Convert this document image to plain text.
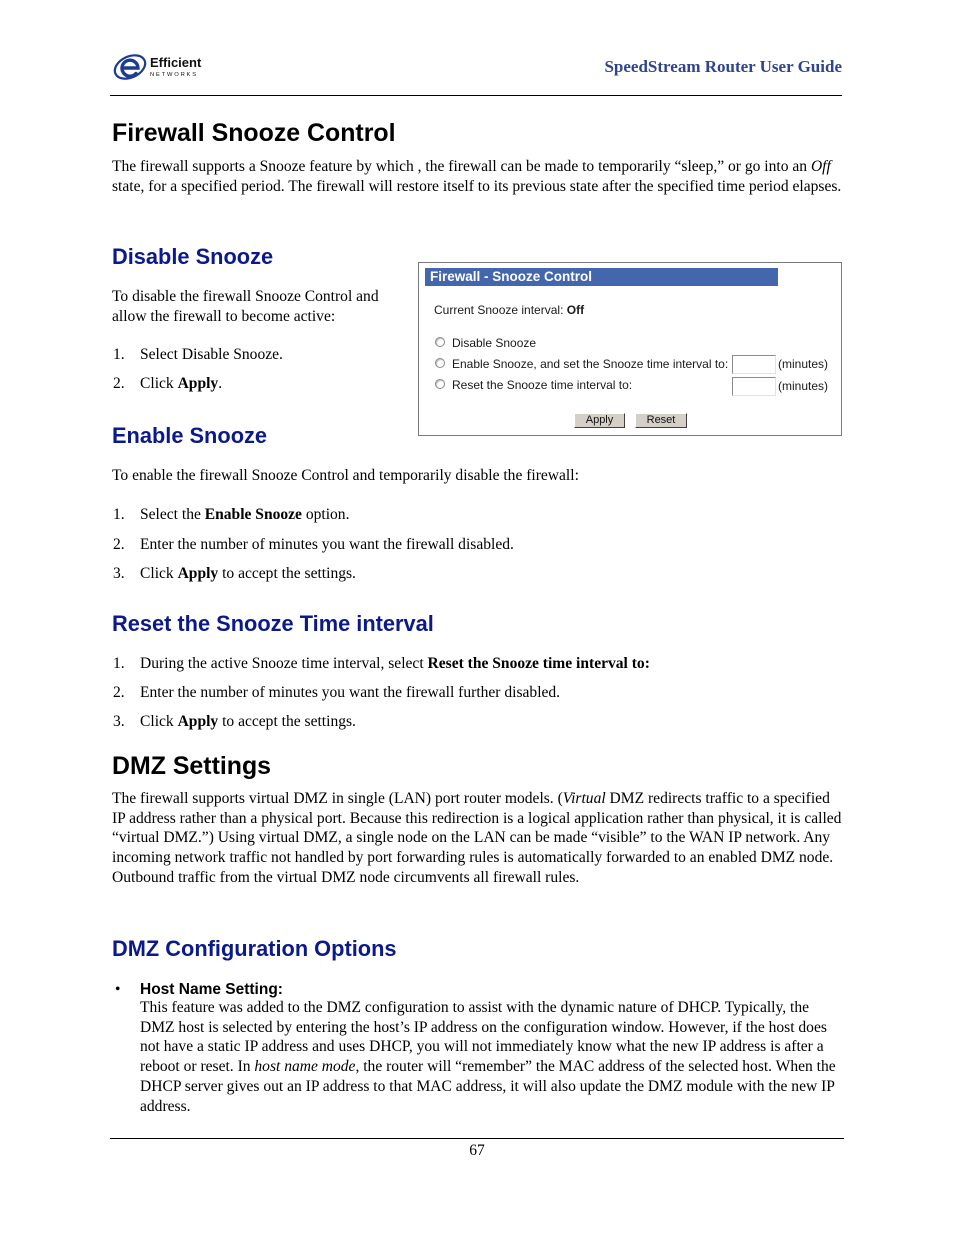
Efficient
NETWORKS	SpeedStream Router User Guide
Firewall Snooze Control
The firewall supports a Snooze feature by which , the firewall can be made to temporarily “sleep,” or go into an Off state, for a specified period. The firewall will restore itself to its previous state after the specified time period elapses.
Disable Snooze
To disable the firewall Snooze Control and allow the firewall to become active:
1. Select Disable Snooze.
2. Click Apply.
Firewall - Snooze Control
Current Snooze interval: Off
Disable Snooze
Enable Snooze, and set the Snooze time interval to:	(minutes)
Reset the Snooze time interval to:	(minutes)
Apply	Reset
Enable Snooze
To enable the firewall Snooze Control and temporarily disable the firewall:
1. Select the Enable Snooze option.
2. Enter the number of minutes you want the firewall disabled.
3. Click Apply to accept the settings.
Reset the Snooze Time interval
1. During the active Snooze time interval, select Reset the Snooze time interval to:
2. Enter the number of minutes you want the firewall further disabled.
3. Click Apply to accept the settings.
DMZ Settings
The firewall supports virtual DMZ in single (LAN) port router models. (Virtual DMZ redirects traffic to a specified IP address rather than a physical port. Because this redirection is a logical application rather than physical, it is called “virtual DMZ.”) Using virtual DMZ, a single node on the LAN can be made “visible” to the WAN IP network. Any incoming network traffic not handled by port forwarding rules is automatically forwarded to an enabled DMZ node. Outbound traffic from the virtual DMZ node circumvents all firewall rules.
DMZ Configuration Options
• Host Name Setting:
This feature was added to the DMZ configuration to assist with the dynamic nature of DHCP. Typically, the DMZ host is selected by entering the host’s IP address on the configuration window. However, if the host does not have a static IP address and uses DHCP, you will not immediately know what the new IP address is after a reboot or reset. In host name mode, the router will “remember” the MAC address of the selected host. When the DHCP server gives out an IP address to that MAC address, it will also update the DMZ module with the new IP address.
67
